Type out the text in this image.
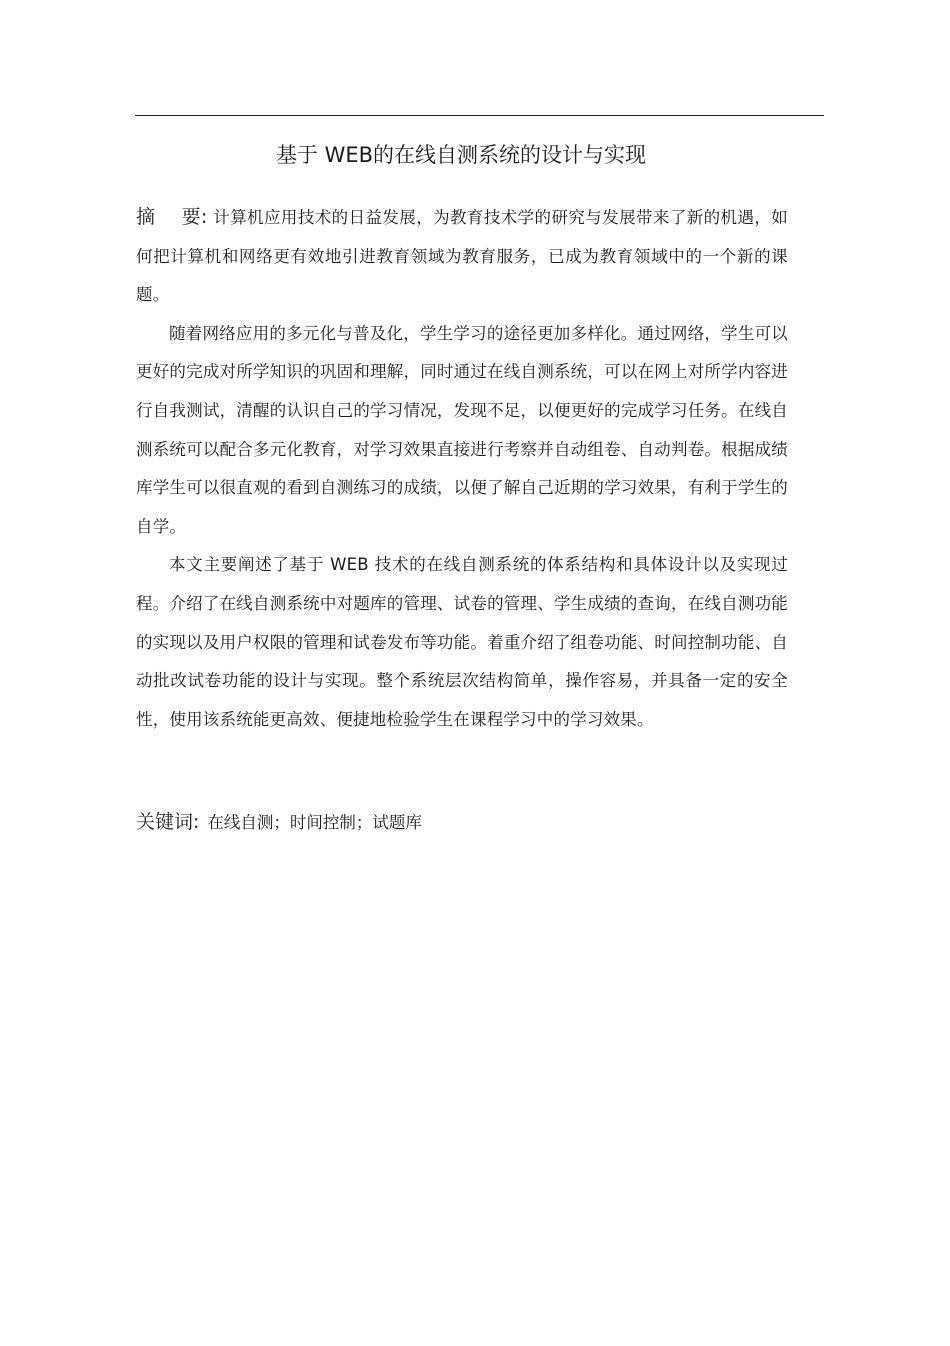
基于 WEB的在线自测系统的设计与实现

摘 要: 计算机应用技术的日益发展，为教育技术学的研究与发展带来了新的机遇，如何把计算机和网络更有效地引进教育领域为教育服务，已成为教育领域中的一个新的课题。

随着网络应用的多元化与普及化，学生学习的途径更加多样化。通过网络，学生可以更好的完成对所学知识的巩固和理解，同时通过在线自测系统，可以在网上对所学内容进行自我测试，清醒的认识自己的学习情况，发现不足，以便更好的完成学习任务。在线自测系统可以配合多元化教育，对学习效果直接进行考察并自动组卷、自动判卷。根据成绩库学生可以很直观的看到自测练习的成绩，以便了解自己近期的学习效果，有利于学生的自学。

本文主要阐述了基于 WEB 技术的在线自测系统的体系结构和具体设计以及实现过程。介绍了在线自测系统中对题库的管理、试卷的管理、学生成绩的查询，在线自测功能的实现以及用户权限的管理和试卷发布等功能。着重介绍了组卷功能、时间控制功能、自动批改试卷功能的设计与实现。整个系统层次结构简单，操作容易，并具备一定的安全性，使用该系统能更高效、便捷地检验学生在课程学习中的学习效果。

关键词: 在线自测；时间控制；试题库
